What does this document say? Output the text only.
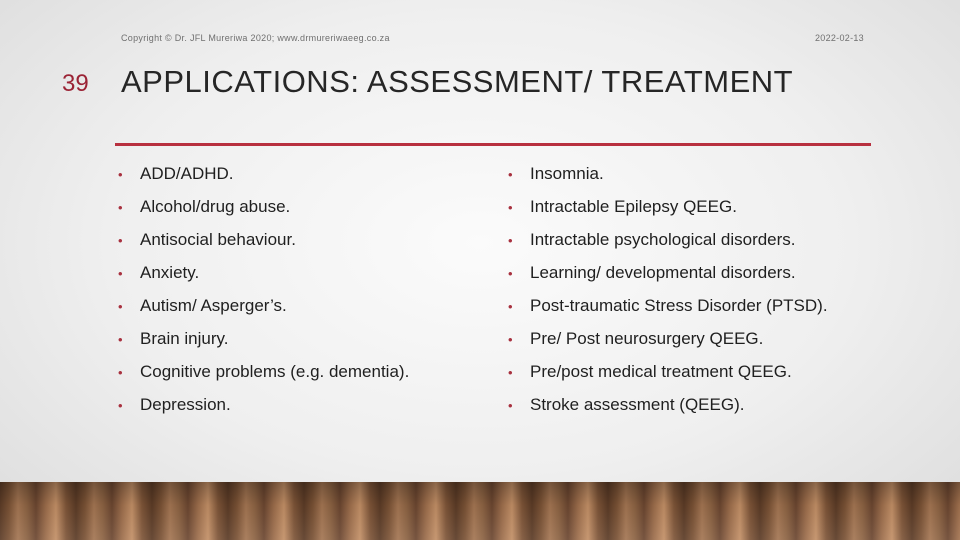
Copyright © Dr. JFL Mureriwa 2020; www.drmureriwaeeg.co.za	2022-02-13
39 APPLICATIONS: ASSESSMENT/ TREATMENT
•	ADD/ADHD.
•	Alcohol/drug abuse.
•	Antisocial behaviour.
•	Anxiety.
•	Autism/ Asperger’s.
•	Brain injury.
•	Cognitive problems (e.g. dementia).
•	Depression.
•	Insomnia.
•	Intractable Epilepsy QEEG.
•	Intractable psychological disorders.
•	Learning/ developmental disorders.
•	Post-traumatic Stress Disorder (PTSD).
•	Pre/ Post neurosurgery QEEG.
•	Pre/post medical treatment QEEG.
•	Stroke assessment (QEEG).
